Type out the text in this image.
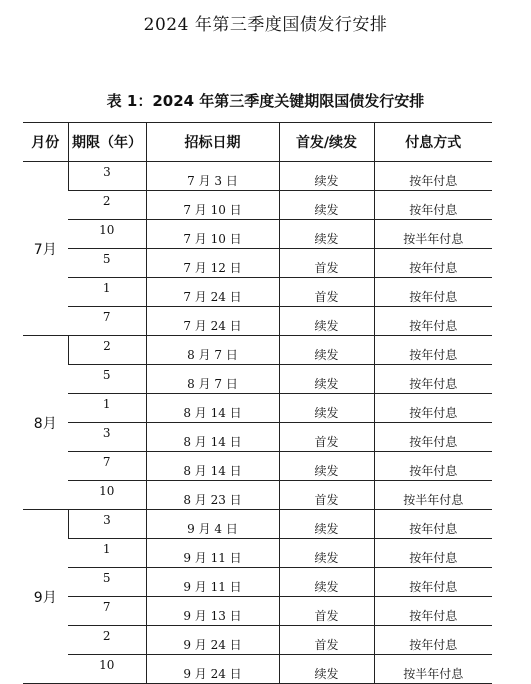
2024 年第三季度国债发行安排
表 1：2024 年第三季度关键期限国债发行安排
月份	期限（年）	招标日期	首发/续发	付息方式
7月	3	7 月 3 日	续发	按年付息

	2	7 月 10 日	续发	按年付息

	10	7 月 10 日	续发	按半年付息

	5	7 月 12 日	首发	按年付息

	1	7 月 24 日	首发	按年付息

	7	7 月 24 日	续发	按年付息

8月	2	8 月 7 日	续发	按年付息

	5	8 月 7 日	续发	按年付息

	1	8 月 14 日	续发	按年付息

	3	8 月 14 日	首发	按年付息

	7	8 月 14 日	续发	按年付息

	10	8 月 23 日	首发	按半年付息

9月	3	9 月 4 日	续发	按年付息

	1	9 月 11 日	续发	按年付息

	5	9 月 11 日	续发	按年付息

	7	9 月 13 日	首发	按年付息

	2	9 月 24 日	首发	按年付息

	10	9 月 24 日	续发	按半年付息
